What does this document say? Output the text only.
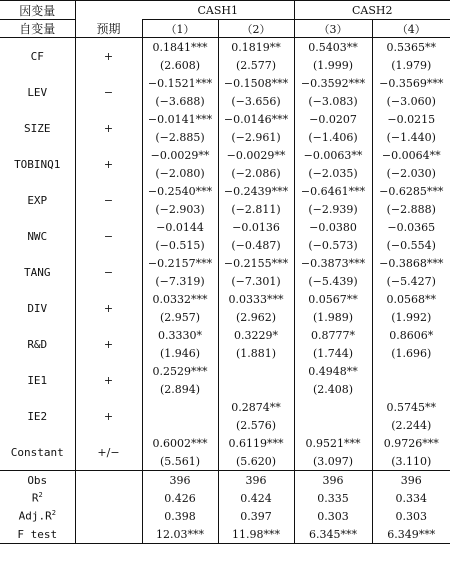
因变量		CASH1		CASH2	
自变量	预期	（1）	（2）	（3）	（4）
CF	+	0.1841***	0.1819**	0.5403**	0.5365**
		(2.608)	(2.577)	(1.999)	(1.979)
LEV	−	−0.1521***	−0.1508***	−0.3592***	−0.3569***
		(−3.688)	(−3.656)	(−3.083)	(−3.060)
SIZE	+	−0.0141***	−0.0146***	−0.0207	−0.0215
		(−2.885)	(−2.961)	(−1.406)	(−1.440)
TOBINQ1	+	−0.0029**	−0.0029**	−0.0063**	−0.0064**
		(−2.080)	(−2.086)	(−2.035)	(−2.030)
EXP	−	−0.2540***	−0.2439***	−0.6461***	−0.6285***
		(−2.903)	(−2.811)	(−2.939)	(−2.888)
NWC	−	−0.0144	−0.0136	−0.0380	−0.0365
		(−0.515)	(−0.487)	(−0.573)	(−0.554)
TANG	−	−0.2157***	−0.2155***	−0.3873***	−0.3868***
		(−7.319)	(−7.301)	(−5.439)	(−5.427)
DIV	+	0.0332***	0.0333***	0.0567**	0.0568**
		(2.957)	(2.962)	(1.989)	(1.992)
R&D	+	0.3330*	0.3229*	0.8777*	0.8606*
		(1.946)	(1.881)	(1.744)	(1.696)
IE1	+	0.2529***		0.4948**	
		(2.894)		(2.408)	
IE2	+		0.2874**		0.5745**
			(2.576)		(2.244)
Constant	+/−	0.6002***	0.6119***	0.9521***	0.9726***
		(5.561)	(5.620)	(3.097)	(3.110)
Obs		396	396	396	396
$R^2$		0.426	0.424	0.335	0.334
$Adj.R^2$		0.398	0.397	0.303	0.303
F test		12.03***	11.98***	6.345***	6.349***
